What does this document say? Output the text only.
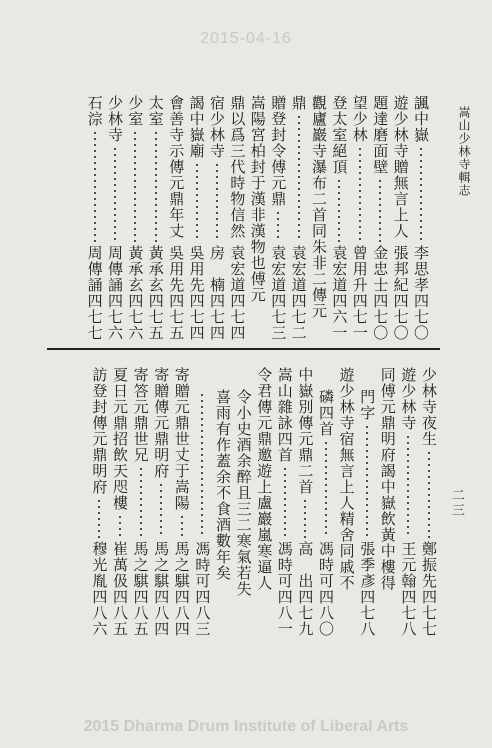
2015-04-16
嵩山少林寺輯志
二三
諷中嶽
李思孝四七〇
遊少林寺贈無言上人
張邦紀四七〇
題達磨面壁
金忠士四七〇
望少林
曾用升四七一
登太室絕頂
袁宏道四六一
觀廬巖寺瀑布二首同朱非二傳元
鼎
袁宏道四七二
贈登封令傅元鼎
袁宏道四七三
嵩陽宮柏封于漢非漢物也傅元
鼎以爲三代時物信然
袁宏道四七四
宿少林寺
房　楠四七四
謁中嶽廟
吳用先四七四
會善寺示傳元鼎年丈
吳用先四七五
太室
黃承玄四七五
少室
黃承玄四七六
少林寺
周傳誦四七六
石淙
周傳誦四七七
少林寺夜生
鄭振先四七七
遊少林寺
王元翰四七八
同傅元鼎明府謁中嶽飲黃中樓得
門字
張季彥四七八
遊少林寺宿無言上人精舍同戚不
磷四首
馮時可四八〇
中嶽別傳元鼎二首
高　出四七九
嵩山雜詠四首
馮時可四八一
令君傳元鼎邀遊上盧巖嵐寒逼人
令小史酒余醉且三二寒氣若失
喜雨有作蓋余不食酒數年矣
馮時可四八三
寄贈元鼎世丈于嵩陽
馬之騏四八四
寄贈傳元鼎明府
馬之騏四八四
寄答元鼎世兄
馬之騏四八五
夏日元鼎招飲天咫樓
崔萬伋四八五
訪登封傳元鼎明府
穆光胤四八六
2015 Dharma Drum Institute of Liberal Arts
